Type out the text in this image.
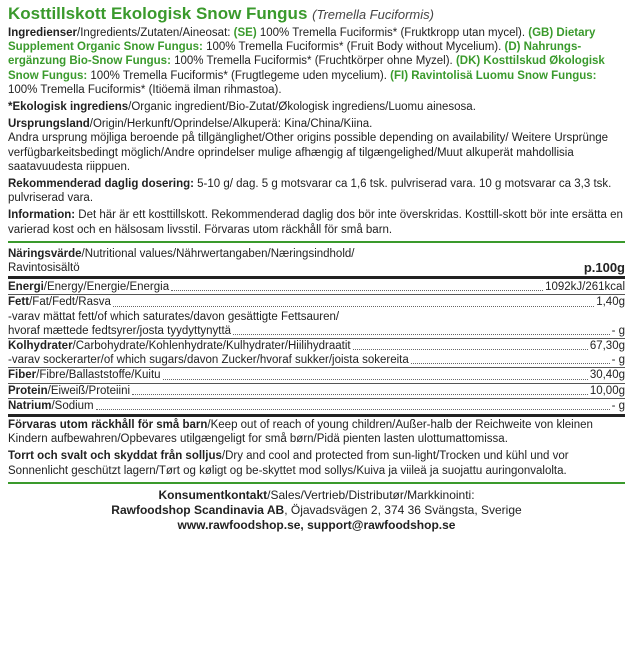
Kosttillskott Ekologisk Snow Fungus (Tremella Fuciformis)
Ingredienser/Ingredients/Zutaten/Aineosat: (SE) 100% Tremella Fuciformis* (Fruktkropp utan mycel). (GB) Dietary Supplement Organic Snow Fungus: 100% Tremella Fuciformis* (Fruit Body without Mycelium). (D) Nahrungs-ergänzung Bio-Snow Fungus: 100% Tremella Fuciformis* (Fruchtkörper ohne Myzel). (DK) Kosttilskud Økologisk Snow Fungus: 100% Tremella Fuciformis* (Frugtlegeme uden mycelium). (FI) Ravintolisä Luomu Snow Fungus: 100% Tremella Fuciformis* (Itiöemä ilman rihmastoa).
*Ekologisk ingrediens/Organic ingredient/Bio-Zutat/Økologisk ingrediens/Luomu ainesosa.
Ursprungsland/Origin/Herkunft/Oprindelse/Alkuperä: Kina/China/Kiina.
Andra ursprung möjliga beroende på tillgänglighet/Other origins possible depending on availability/ Weitere Ursprünge verfügbarkeitsbedingt möglich/Andre oprindelser mulige afhængig af tilgængelighed/Muut alkuperät mahdollisia saatavuudesta riippuen.
Rekommenderad daglig dosering: 5-10 g/ dag. 5 g motsvarar ca 1,6 tsk. pulvriserad vara. 10 g motsvarar ca 3,3 tsk. pulvriserad vara.
Information: Det här är ett kosttillskott. Rekommenderad daglig dos bör inte överskridas. Kosttill-skott bör inte ersätta en varierad kost och en hälsosam livsstil. Förvaras utom räckhåll för små barn.
Näringsvärde/Nutritional values/Nährwertangaben/Næringsindhold/
Ravintosisältö	p.100g
Energi/Energy/Energie/Energia	1092kJ/261kcal
Fett/Fat/Fedt/Rasva	1,40g
-varav mättat fett/of which saturates/davon gesättigte Fettsauren/
hvoraf mættede fedtsyrer/josta tyydyttynyttä	- g
Kolhydrater/Carbohydrate/Kohlenhydrate/Kulhydrater/Hiilihydraatit	67,30g
-varav sockerarter/of which sugars/davon Zucker/hvoraf sukker/joista sokereita	- g
Fiber/Fibre/Ballaststoffe/Kuitu	30,40g
Protein/Eiweiß/Proteiini	10,00g
Natrium/Sodium	- g
Förvaras utom räckhåll för små barn/Keep out of reach of young children/Außer-halb der Reichweite von kleinen Kindern aufbewahren/Opbevares utilgængeligt for små børn/Pidä pienten lasten ulottumattomissa.
Torrt och svalt och skyddat från solljus/Dry and cool and protected from sun-light/Trocken und kühl und vor Sonnenlicht geschützt lagern/Tørt og køligt og be-skyttet mod sollys/Kuiva ja viileä ja suojattu auringonvalolta.
Konsumentkontakt/Sales/Vertrieb/Distributør/Markkinointi:
Rawfoodshop Scandinavia AB, Öjavadsvägen 2, 374 36 Svängsta, Sverige
www.rawfoodshop.se, support@rawfoodshop.se
